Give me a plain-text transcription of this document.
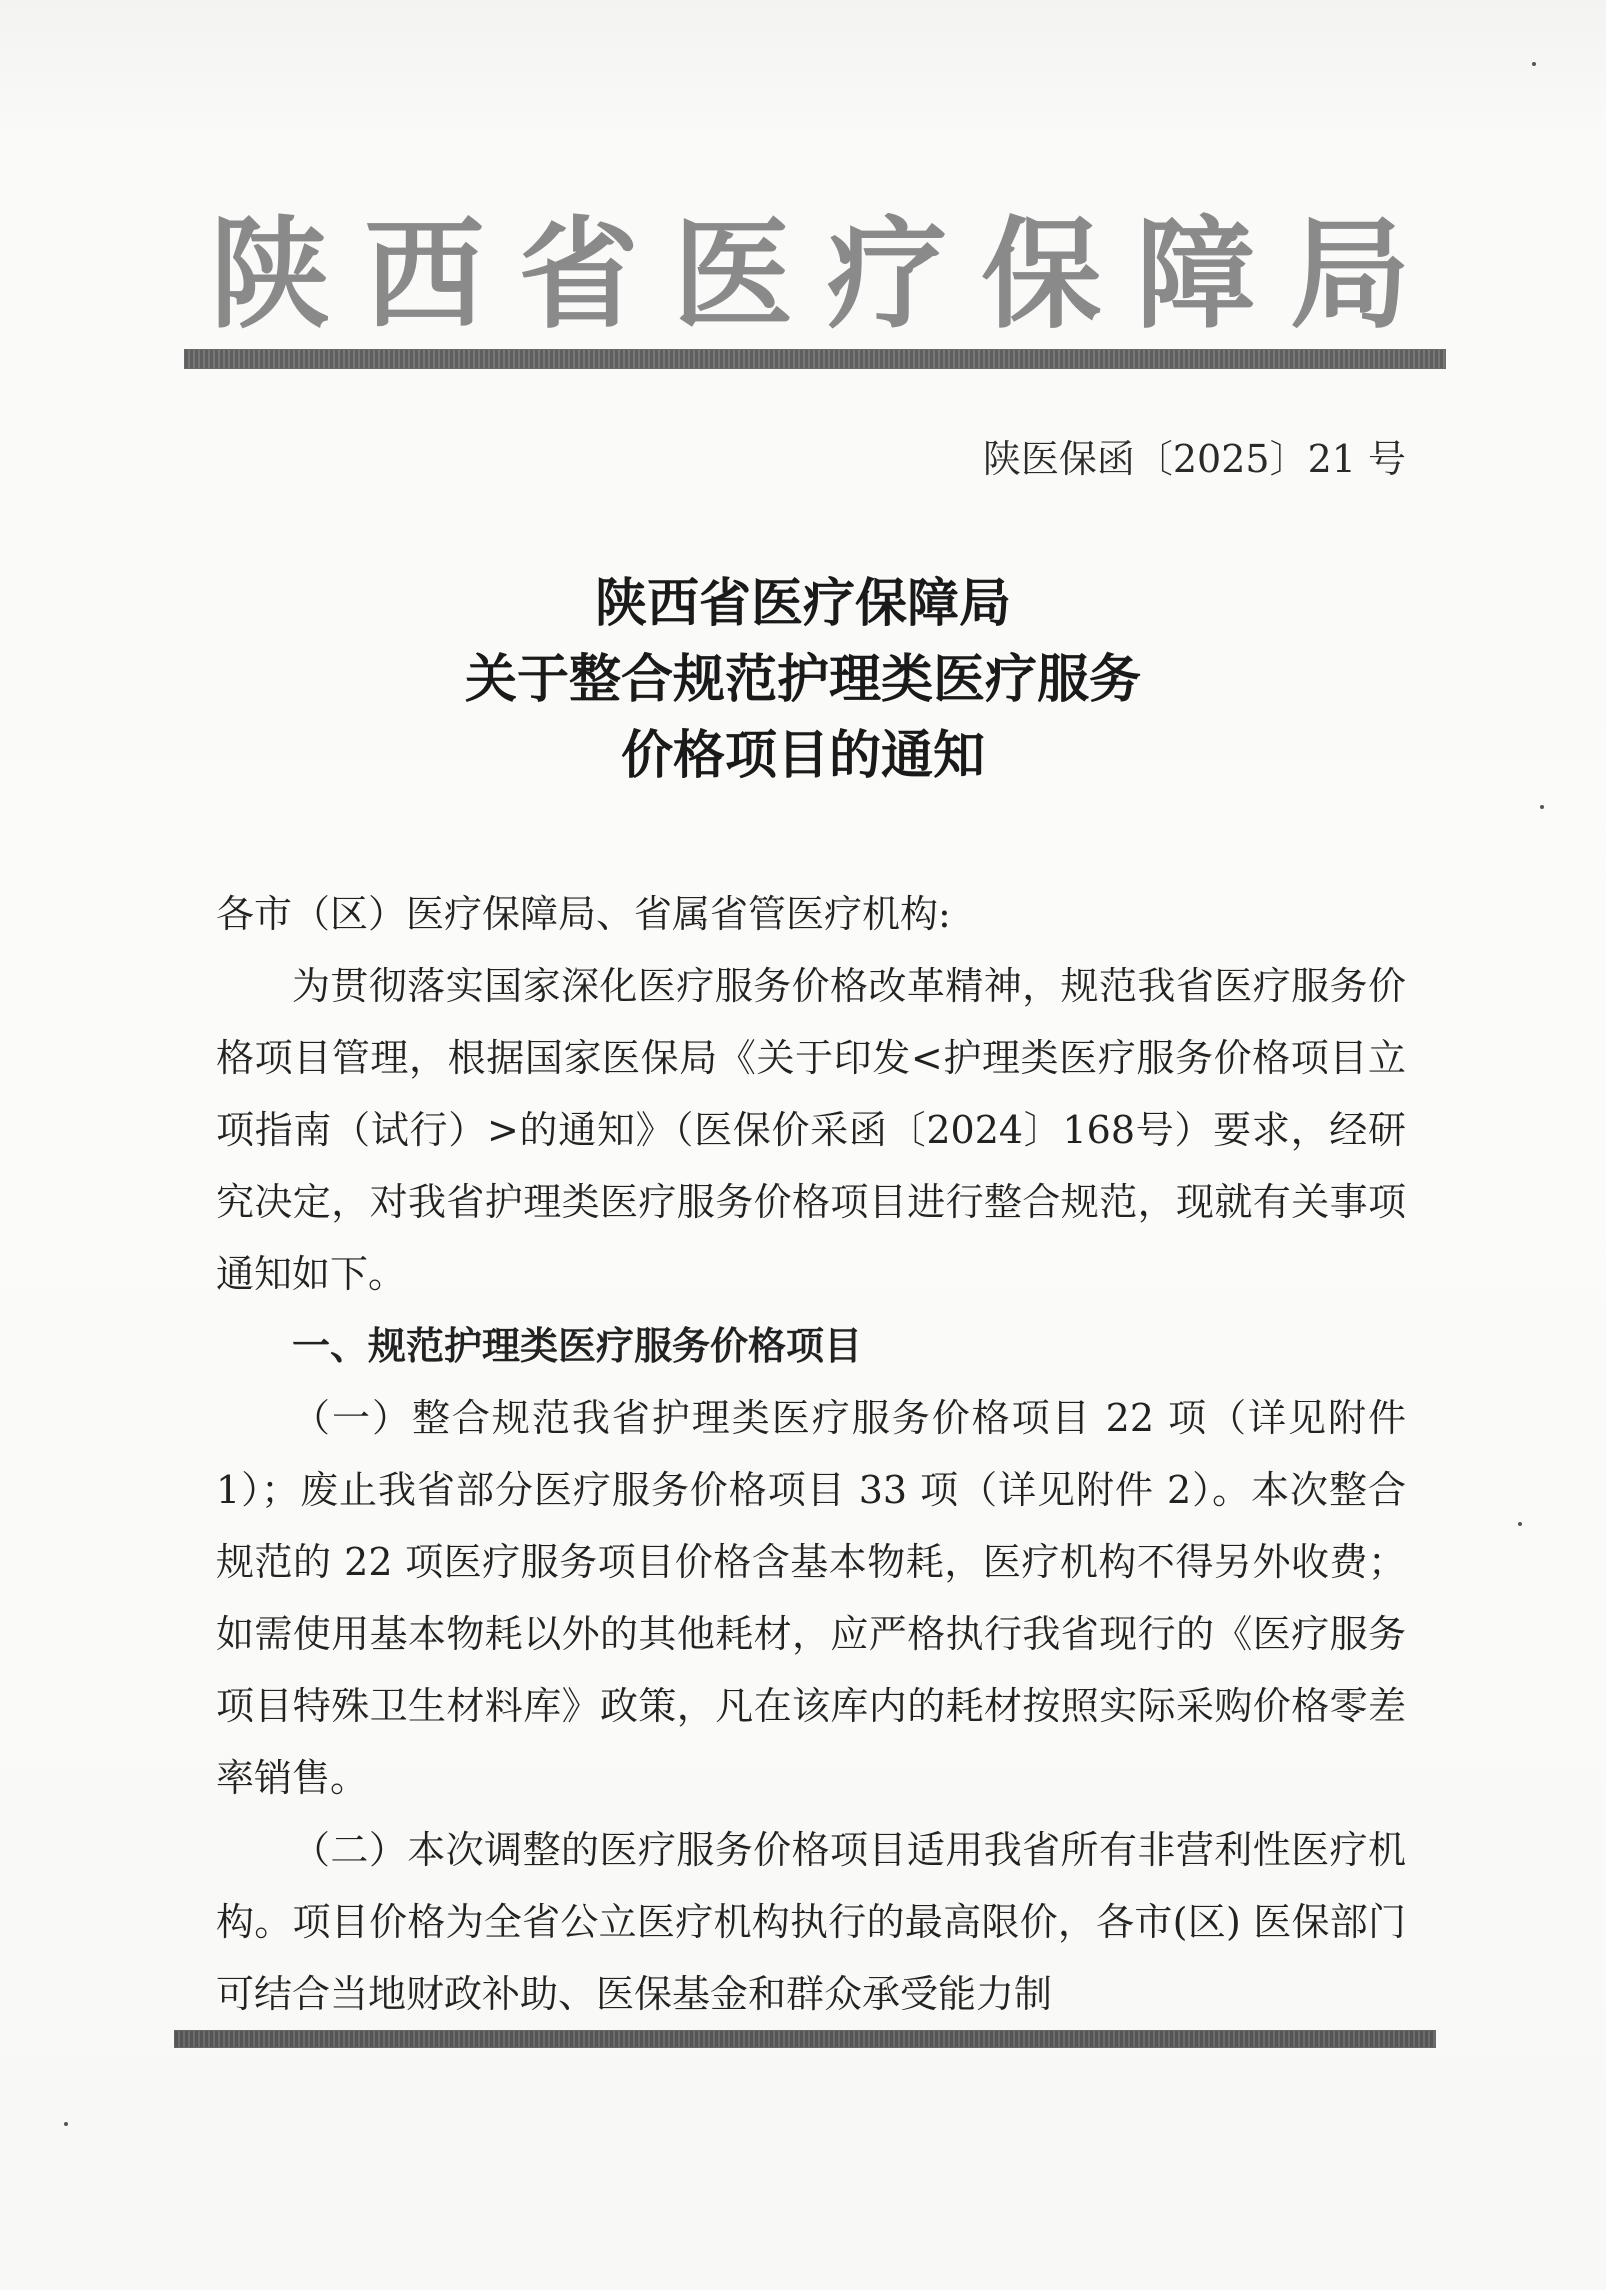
陕西省医疗保障局
陕医保函〔2025〕21 号
陕西省医疗保障局
关于整合规范护理类医疗服务
价格项目的通知

各市（区）医疗保障局、省属省管医疗机构:

为贯彻落实国家深化医疗服务价格改革精神，规范我省医疗服务价格项目管理，根据国家医保局《关于印发<护理类医疗服务价格项目立项指南（试行）>的通知》（医保价采函〔2024〕168号）要求，经研究决定，对我省护理类医疗服务价格项目进行整合规范，现就有关事项通知如下。

一、规范护理类医疗服务价格项目

（一）整合规范我省护理类医疗服务价格项目 22 项（详见附件 1）；废止我省部分医疗服务价格项目 33 项（详见附件 2）。本次整合规范的 22 项医疗服务项目价格含基本物耗，医疗机构不得另外收费；如需使用基本物耗以外的其他耗材，应严格执行我省现行的《医疗服务项目特殊卫生材料库》政策，凡在该库内的耗材按照实际采购价格零差率销售。

（二）本次调整的医疗服务价格项目适用我省所有非营利性医疗机构。项目价格为全省公立医疗机构执行的最高限价，各市(区) 医保部门可结合当地财政补助、医保基金和群众承受能力制
